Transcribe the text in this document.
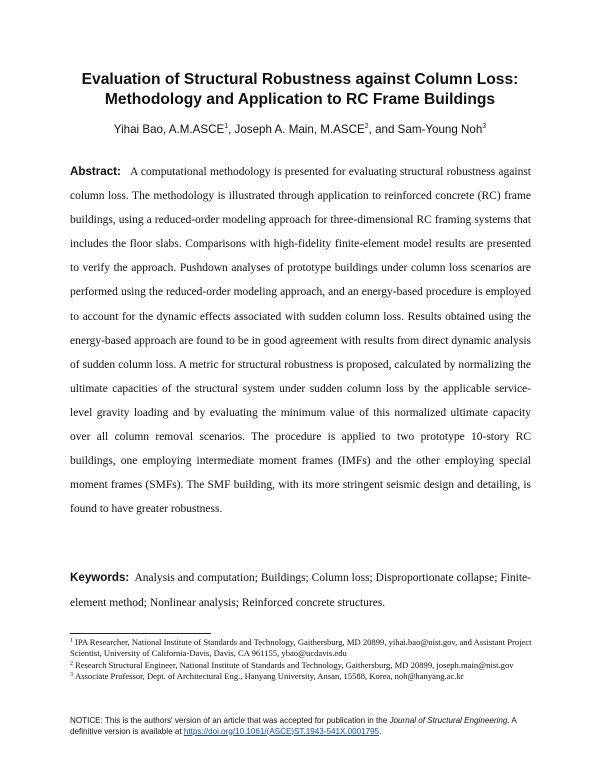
Evaluation of Structural Robustness against Column Loss:
Methodology and Application to RC Frame Buildings
Yihai Bao, A.M.ASCE$^1$, Joseph A. Main, M.ASCE$^2$, and Sam-Young Noh$^3$

Abstract: A computational methodology is presented for evaluating structural robustness against column loss. The methodology is illustrated through application to reinforced concrete (RC) frame buildings, using a reduced-order modeling approach for three-dimensional RC framing systems that includes the floor slabs. Comparisons with high-fidelity finite-element model results are presented to verify the approach. Pushdown analyses of prototype buildings under column loss scenarios are performed using the reduced-order modeling approach, and an energy-based procedure is employed to account for the dynamic effects associated with sudden column loss. Results obtained using the energy-based approach are found to be in good agreement with results from direct dynamic analysis of sudden column loss. A metric for structural robustness is proposed, calculated by normalizing the ultimate capacities of the structural system under sudden column loss by the applicable service-level gravity loading and by evaluating the minimum value of this normalized ultimate capacity over all column removal scenarios. The procedure is applied to two prototype 10-story RC buildings, one employing intermediate moment frames (IMFs) and the other employing special moment frames (SMFs). The SMF building, with its more stringent seismic design and detailing, is found to have greater robustness.

Keywords: Analysis and computation; Buildings; Column loss; Disproportionate collapse; Finite-element method; Nonlinear analysis; Reinforced concrete structures.

$^1$ IPA Researcher, National Institute of Standards and Technology, Gaithersburg, MD 20899, yihai.bao@nist.gov, and Assistant Project Scientist, University of California-Davis, Davis, CA 961155, ybao@ucdavis.edu

$^2$ Research Structural Engineer, National Institute of Standards and Technology, Gaithersburg, MD 20899, joseph.main@nist.gov

$^3$ Associate Professor, Dept. of Architectural Eng., Hanyang University, Ansan, 15588, Korea, noh@hanyang.ac.kr

NOTICE: This is the authors' version of an article that was accepted for publication in the Journal of Structural Engineering. A definitive version is available at https://doi.org/10.1061/(ASCE)ST.1943-541X.0001795.
